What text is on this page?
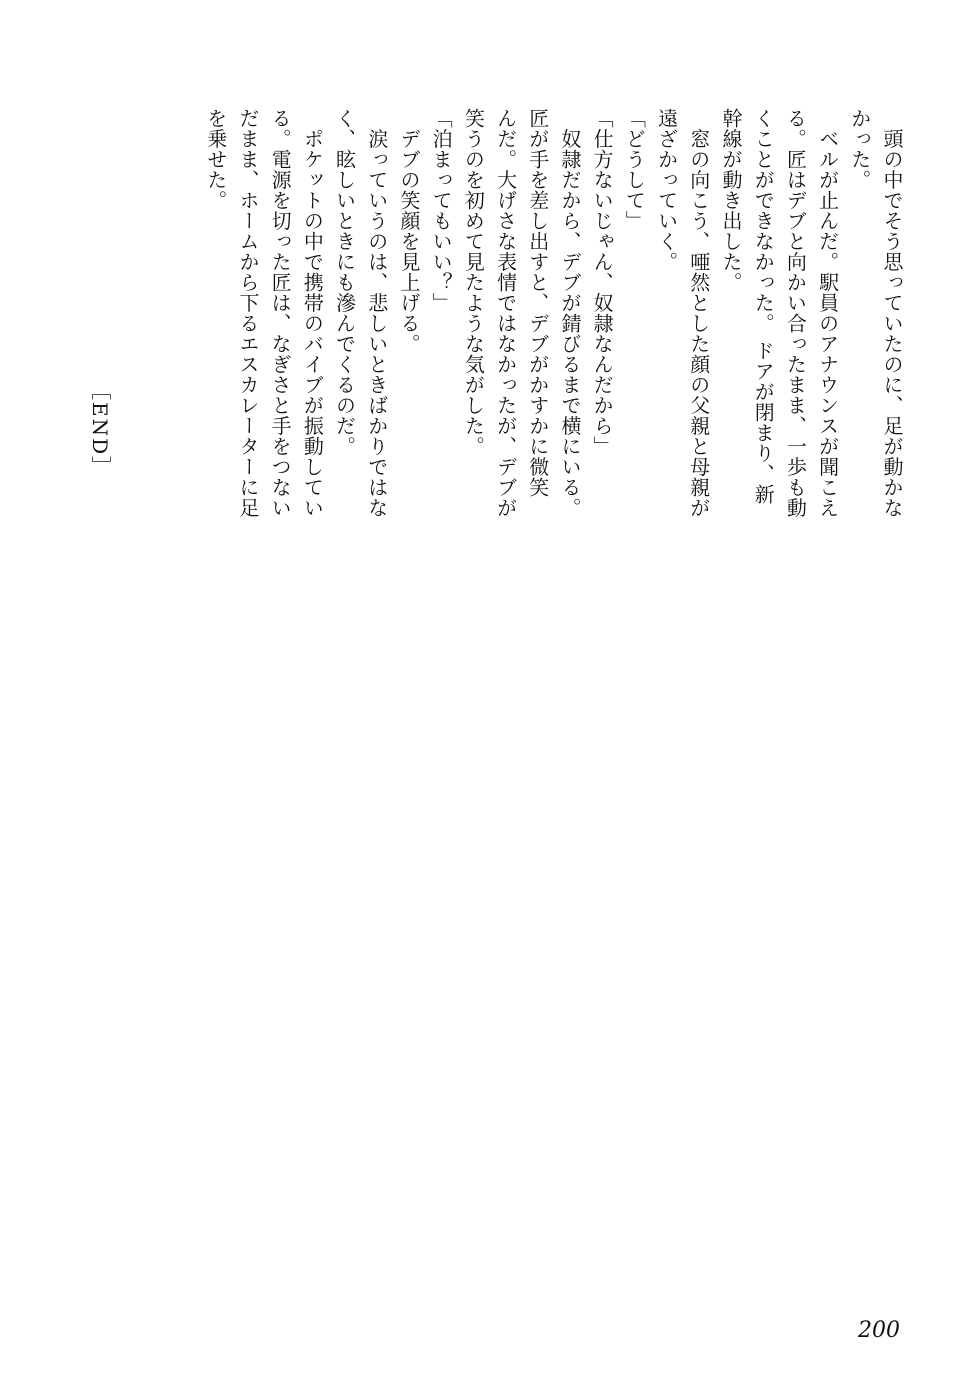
　頭の中でそう思っていたのに、足が動かな
かった。
　ベルが止んだ。駅員のアナウンスが聞こえ
る。匠はデブと向かい合ったまま、一歩も動
くことができなかった。 ドアが閉まり、新
幹線が動き出した。
　窓の向こう、唖然とした顔の父親と母親が
遠ざかっていく。
「どうして」
「仕方ないじゃん、奴隷なんだから」
　奴隷だから、デブが錆びるまで横にいる。
匠が手を差し出すと、デブがかすかに微笑
んだ。大げさな表情ではなかったが、デブが
笑うのを初めて見たような気がした。
「泊まってもいい？」
　デブの笑顔を見上げる。
　涙っていうのは、悲しいときばかりではな
く、眩しいときにも滲んでくるのだ。
　ポケットの中で携帯のバイブが振動してい
る。電源を切った匠は、なぎさと手をつない
だまま、ホームから下るエスカレーターに足
を乗せた。
［END］
200
